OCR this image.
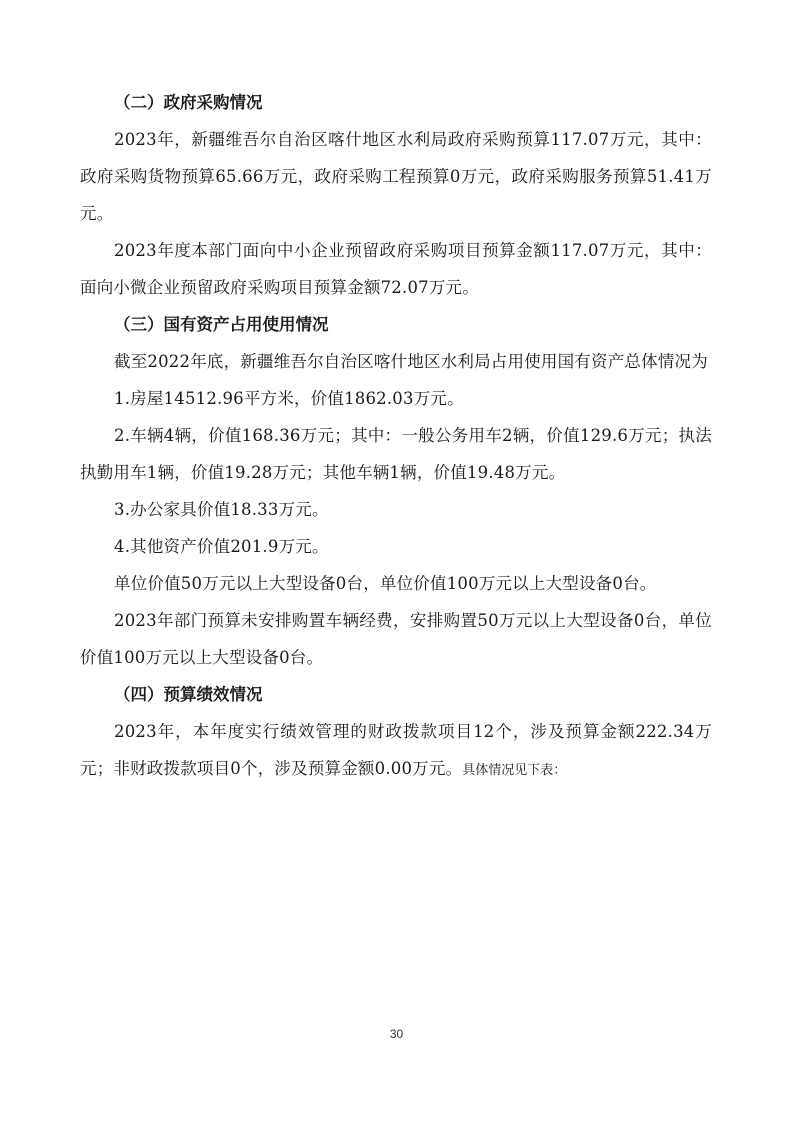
（二）政府采购情况

2023年，新疆维吾尔自治区喀什地区水利局政府采购预算117.07万元，其中：政府采购货物预算65.66万元，政府采购工程预算0万元，政府采购服务预算51.41万元。

2023年度本部门面向中小企业预留政府采购项目预算金额117.07万元，其中：面向小微企业预留政府采购项目预算金额72.07万元。

（三）国有资产占用使用情况

截至2022年底，新疆维吾尔自治区喀什地区水利局占用使用国有资产总体情况为

1.房屋14512.96平方米，价值1862.03万元。

2.车辆4辆，价值168.36万元；其中：一般公务用车2辆，价值129.6万元；执法执勤用车1辆，价值19.28万元；其他车辆1辆，价值19.48万元。

3.办公家具价值18.33万元。

4.其他资产价值201.9万元。

单位价值50万元以上大型设备0台，单位价值100万元以上大型设备0台。

2023年部门预算未安排购置车辆经费，安排购置50万元以上大型设备0台，单位价值100万元以上大型设备0台。

（四）预算绩效情况

2023年，本年度实行绩效管理的财政拨款项目12个，涉及预算金额222.34万元；非财政拨款项目0个，涉及预算金额0.00万元。具体情况见下表：

30
